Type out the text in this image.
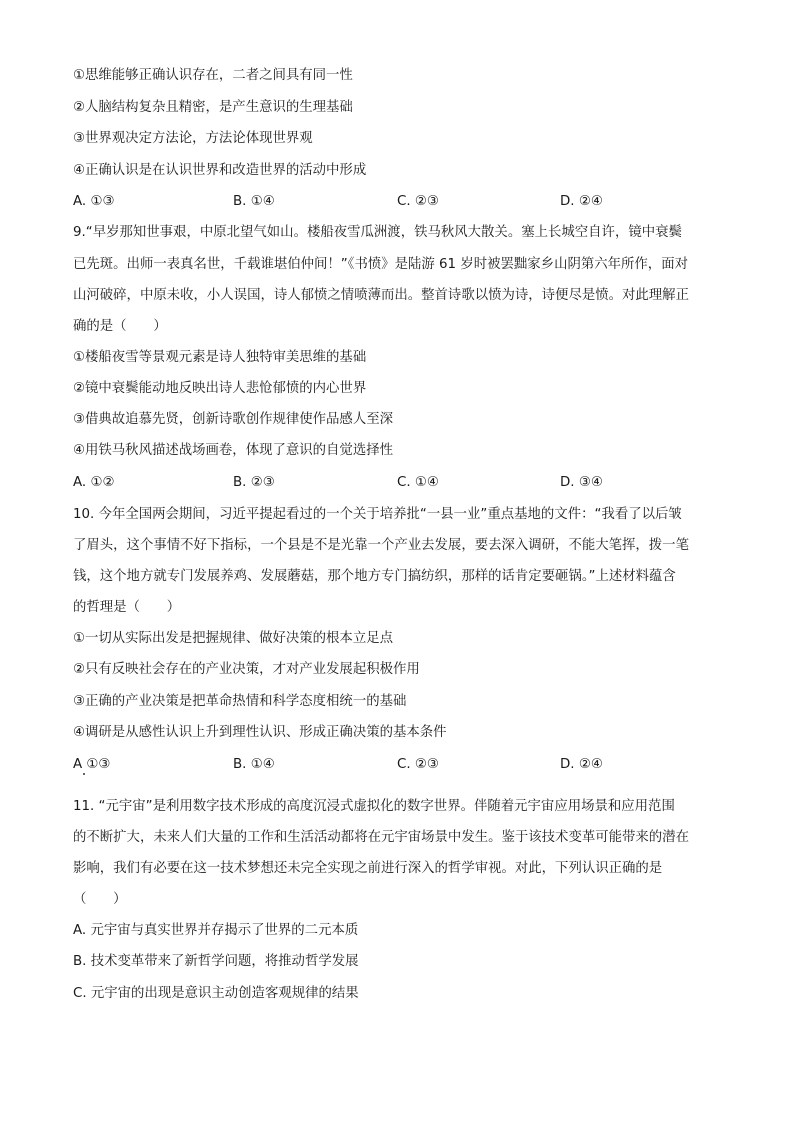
①思维能够正确认识存在，二者之间具有同一性
②人脑结构复杂且精密，是产生意识的生理基础
③世界观决定方法论，方法论体现世界观
④正确认识是在认识世界和改造世界的活动中形成
A. ①③	B. ①④	C. ②③	D. ②④
9.“早岁那知世事艰，中原北望气如山。楼船夜雪瓜洲渡，铁马秋风大散关。塞上长城空自许，镜中衰鬓
已先斑。出师一表真名世，千载谁堪伯仲间！”《书愤》是陆游 61 岁时被罢黜家乡山阴第六年所作，面对
山河破碎，中原未收，小人误国，诗人郁愤之情喷薄而出。整首诗歌以愤为诗，诗便尽是愤。对此理解正
确的是（　　）
①楼船夜雪等景观元素是诗人独特审美思维的基础
②镜中衰鬓能动地反映出诗人悲怆郁愤的内心世界
③借典故追慕先贤，创新诗歌创作规律使作品感人至深
④用铁马秋风描述战场画卷，体现了意识的自觉选择性
A. ①②	B. ②③	C. ①④	D. ③④
10. 今年全国两会期间，习近平提起看过的一个关于培养批“一县一业”重点基地的文件：“我看了以后皱
了眉头，这个事情不好下指标，一个县是不是光靠一个产业去发展，要去深入调研，不能大笔挥，拨一笔
钱，这个地方就专门发展养鸡、发展蘑菇，那个地方专门搞纺织，那样的话肯定要砸锅。”上述材料蕴含
的哲理是（　　）
①一切从实际出发是把握规律、做好决策的根本立足点
②只有反映社会存在的产业决策，才对产业发展起积极作用
③正确的产业决策是把革命热情和科学态度相统一的基础
④调研是从感性认识上升到理性认识、形成正确决策的基本条件
A ①③	B. ①④	C. ②③	D. ②④
11. “元宇宙”是利用数字技术形成的高度沉浸式虚拟化的数字世界。伴随着元宇宙应用场景和应用范围
的不断扩大，未来人们大量的工作和生活活动都将在元宇宙场景中发生。鉴于该技术变革可能带来的潜在
影响，我们有必要在这一技术梦想还未完全实现之前进行深入的哲学审视。对此，下列认识正确的是
（　　）
A. 元宇宙与真实世界并存揭示了世界的二元本质
B. 技术变革带来了新哲学问题，将推动哲学发展
C. 元宇宙的出现是意识主动创造客观规律的结果
